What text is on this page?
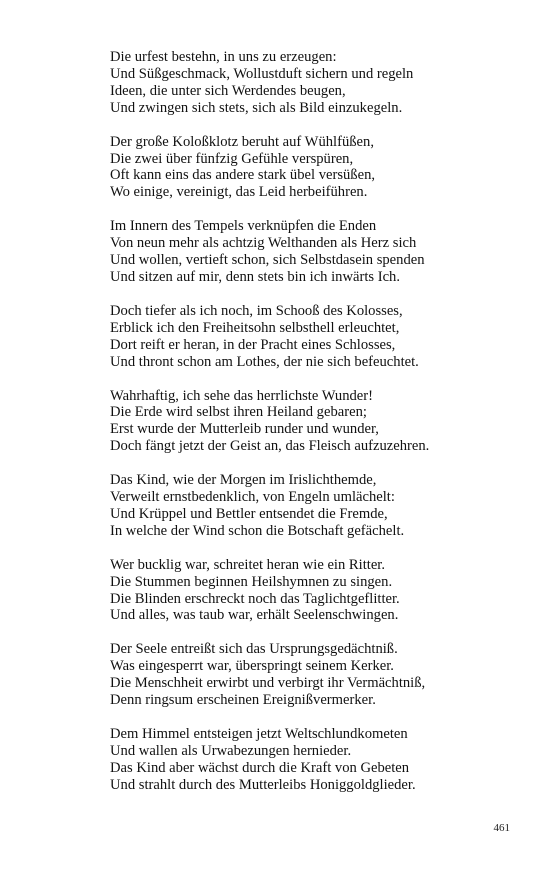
Die urfest bestehn, in uns zu erzeugen:
Und Süßgeschmack, Wollustduft sichern und regeln
Ideen, die unter sich Werdendes beugen,
Und zwingen sich stets, sich als Bild einzukegeln.
Der große Koloßklotz beruht auf Wühlfüßen,
Die zwei über fünfzig Gefühle verspüren,
Oft kann eins das andere stark übel versüßen,
Wo einige, vereinigt, das Leid herbeiführen.
Im Innern des Tempels verknüpfen die Enden
Von neun mehr als achtzig Welthanden als Herz sich
Und wollen, vertieft schon, sich Selbstdasein spenden
Und sitzen auf mir, denn stets bin ich inwärts Ich.
Doch tiefer als ich noch, im Schooß des Kolosses,
Erblick ich den Freiheitsohn selbsthell erleuchtet,
Dort reift er heran, in der Pracht eines Schlosses,
Und thront schon am Lothes, der nie sich befeuchtet.
Wahrhaftig, ich sehe das herrlichste Wunder!
Die Erde wird selbst ihren Heiland gebaren;
Erst wurde der Mutterleib runder und wunder,
Doch fängt jetzt der Geist an, das Fleisch aufzuzehren.
Das Kind, wie der Morgen im Irislichthemde,
Verweilt ernstbedenklich, von Engeln umlächelt:
Und Krüppel und Bettler entsendet die Fremde,
In welche der Wind schon die Botschaft gefächelt.
Wer bucklig war, schreitet heran wie ein Ritter.
Die Stummen beginnen Heilshymnen zu singen.
Die Blinden erschreckt noch das Taglichtgeflitter.
Und alles, was taub war, erhält Seelenschwingen.
Der Seele entreißt sich das Ursprungsgedächtniß.
Was eingesperrt war, überspringt seinem Kerker.
Die Menschheit erwirbt und verbirgt ihr Vermächtniß,
Denn ringsum erscheinen Ereignißvermerker.
Dem Himmel entsteigen jetzt Weltschlundkometen
Und wallen als Urwabezungen hernieder.
Das Kind aber wächst durch die Kraft von Gebeten
Und strahlt durch des Mutterleibs Honiggoldglieder.
461
